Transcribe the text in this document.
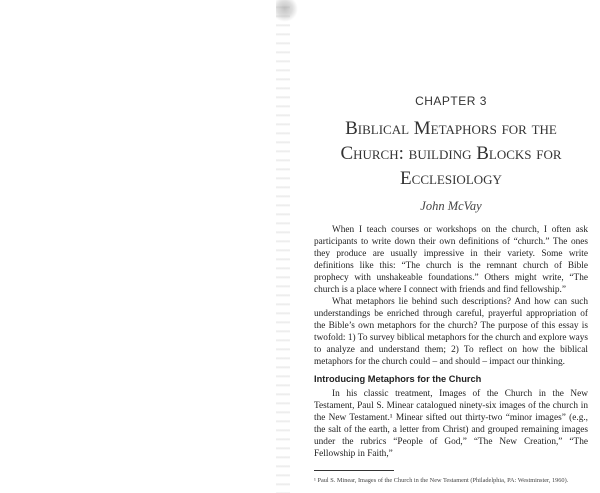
CHAPTER 3
Biblical Metaphors for the Church: building Blocks for Ecclesiology
John McVay

When I teach courses or workshops on the church, I often ask participants to write down their own definitions of “church.” The ones they produce are usually impressive in their variety. Some write definitions like this: “The church is the remnant church of Bible prophecy with unshakeable foundations.” Others might write, “The church is a place where I connect with friends and find fellowship.”

What metaphors lie behind such descriptions? And how can such understandings be enriched through careful, prayerful appropriation of the Bible’s own metaphors for the church? The purpose of this essay is twofold: 1) To survey biblical metaphors for the church and explore ways to analyze and understand them; 2) To reflect on how the biblical metaphors for the church could – and should – impact our thinking.

Introducing Metaphors for the Church

In his classic treatment, Images of the Church in the New Testament, Paul S. Minear catalogued ninety-six images of the church in the New Testament.¹ Minear sifted out thirty-two “minor images” (e.g., the salt of the earth, a letter from Christ) and grouped remaining images under the rubrics “People of God,” “The New Creation,” “The Fellowship in Faith,”

¹ Paul S. Minear, Images of the Church in the New Testament (Philadelphia, PA: Westminster, 1960).
